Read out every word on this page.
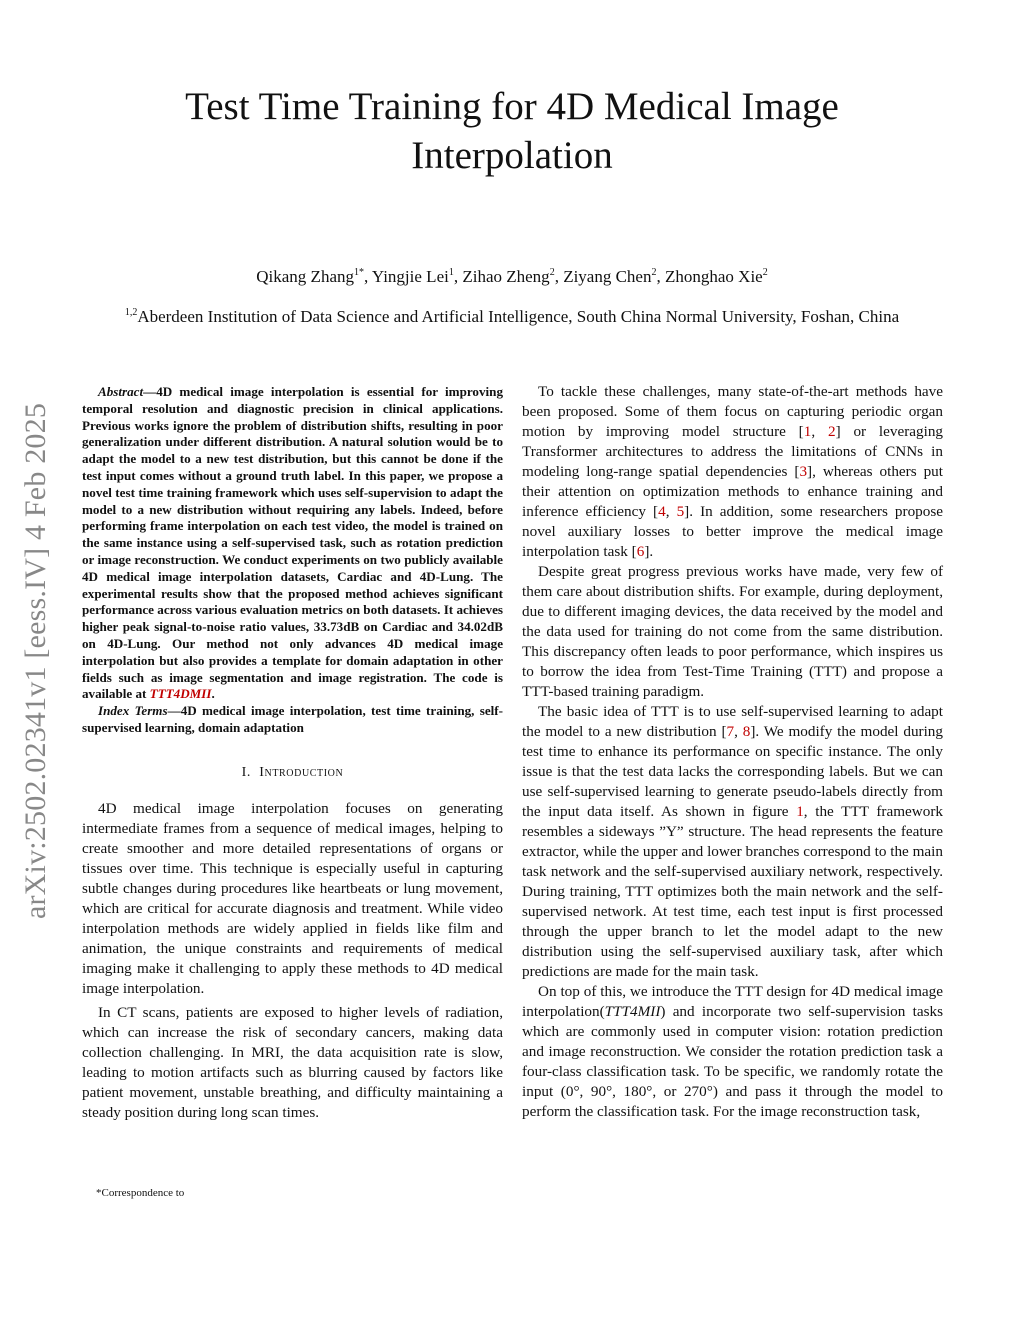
arXiv:2502.02341v1 [eess.IV] 4 Feb 2025
Test Time Training for 4D Medical Image Interpolation
Qikang Zhang$^{1*}$, Yingjie Lei$^1$, Zihao Zheng$^2$, Ziyang Chen$^2$, Zhonghao Xie$^2$
$^{1,2}$Aberdeen Institution of Data Science and Artificial Intelligence, South China Normal University, Foshan, China

Abstract—4D medical image interpolation is essential for improving temporal resolution and diagnostic precision in clinical applications. Previous works ignore the problem of distribution shifts, resulting in poor generalization under different distribution. A natural solution would be to adapt the model to a new test distribution, but this cannot be done if the test input comes without a ground truth label. In this paper, we propose a novel test time training framework which uses self-supervision to adapt the model to a new distribution without requiring any labels. Indeed, before performing frame interpolation on each test video, the model is trained on the same instance using a self-supervised task, such as rotation prediction or image reconstruction. We conduct experiments on two publicly available 4D medical image interpolation datasets, Cardiac and 4D-Lung. The experimental results show that the proposed method achieves significant performance across various evaluation metrics on both datasets. It achieves higher peak signal-to-noise ratio values, 33.73dB on Cardiac and 34.02dB on 4D-Lung. Our method not only advances 4D medical image interpolation but also provides a template for domain adaptation in other fields such as image segmentation and image registration. The code is available at TTT4DMII.

Index Terms—4D medical image interpolation, test time training, self-supervised learning, domain adaptation

I. Introduction

4D medical image interpolation focuses on generating intermediate frames from a sequence of medical images, helping to create smoother and more detailed representations of organs or tissues over time. This technique is especially useful in capturing subtle changes during procedures like heartbeats or lung movement, which are critical for accurate diagnosis and treatment. While video interpolation methods are widely applied in fields like film and animation, the unique constraints and requirements of medical imaging make it challenging to apply these methods to 4D medical image interpolation.

In CT scans, patients are exposed to higher levels of radiation, which can increase the risk of secondary cancers, making data collection challenging. In MRI, the data acquisition rate is slow, leading to motion artifacts such as blurring caused by factors like patient movement, unstable breathing, and difficulty maintaining a steady position during long scan times.

To tackle these challenges, many state-of-the-art methods have been proposed. Some of them focus on capturing periodic organ motion by improving model structure [1, 2] or leveraging Transformer architectures to address the limitations of CNNs in modeling long-range spatial dependencies [3], whereas others put their attention on optimization methods to enhance training and inference efficiency [4, 5]. In addition, some researchers propose novel auxiliary losses to better improve the medical image interpolation task [6].

Despite great progress previous works have made, very few of them care about distribution shifts. For example, during deployment, due to different imaging devices, the data received by the model and the data used for training do not come from the same distribution. This discrepancy often leads to poor performance, which inspires us to borrow the idea from Test-Time Training (TTT) and propose a TTT-based training paradigm.

The basic idea of TTT is to use self-supervised learning to adapt the model to a new distribution [7, 8]. We modify the model during test time to enhance its performance on specific instance. The only issue is that the test data lacks the corresponding labels. But we can use self-supervised learning to generate pseudo-labels directly from the input data itself. As shown in figure 1, the TTT framework resembles a sideways ”Y” structure. The head represents the feature extractor, while the upper and lower branches correspond to the main task network and the self-supervised auxiliary network, respectively. During training, TTT optimizes both the main network and the self-supervised network. At test time, each test input is first processed through the upper branch to let the model adapt to the new distribution using the self-supervised auxiliary task, after which predictions are made for the main task.

On top of this, we introduce the TTT design for 4D medical image interpolation(TTT4MII) and incorporate two self-supervision tasks which are commonly used in computer vision: rotation prediction and image reconstruction. We consider the rotation prediction task a four-class classification task. To be specific, we randomly rotate the input (0°, 90°, 180°, or 270°) and pass it through the model to perform the classification task. For the image reconstruction task,

*Correspondence to
